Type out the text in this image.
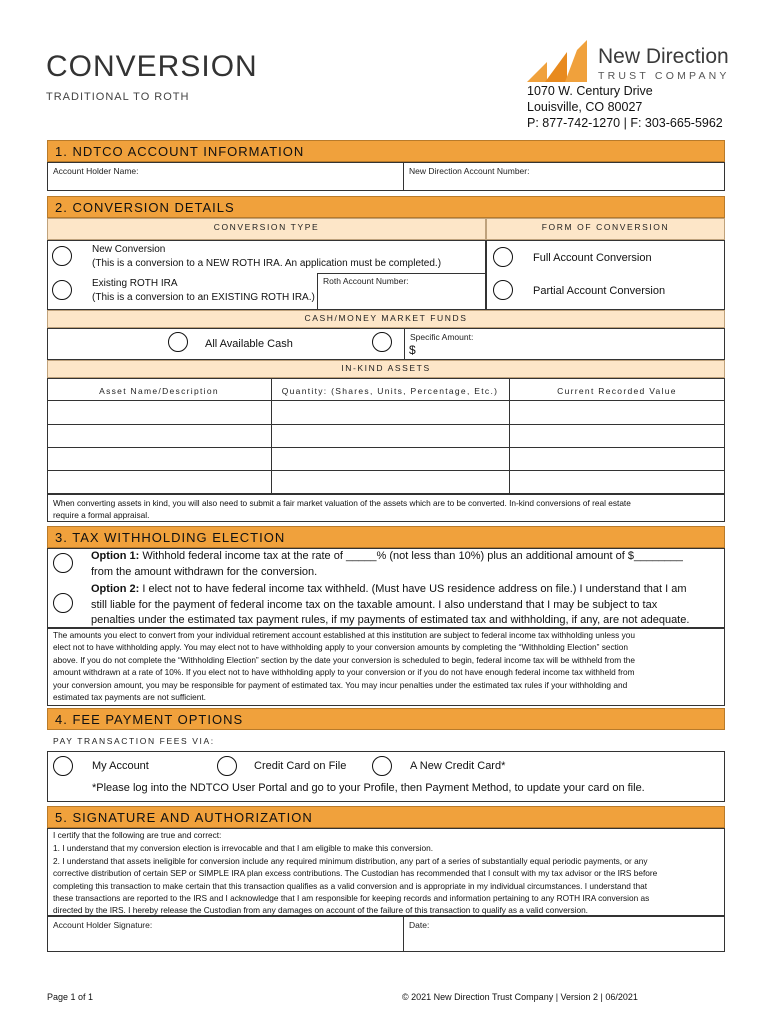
CONVERSION
TRADITIONAL TO ROTH
New Direction
TRUST COMPANY
1070 W. Century Drive
Louisville, CO 80027
P: 877-742-1270 | F: 303-665-5962
1. NDTCO ACCOUNT INFORMATION
Account Holder Name:	New Direction Account Number:
2. CONVERSION DETAILS
CONVERSION TYPE	FORM OF CONVERSION
New Conversion
(This is a conversion to a NEW ROTH IRA. An application must be completed.)
Existing ROTH IRA
(This is a conversion to an EXISTING ROTH IRA.)
Roth Account Number:
Full Account Conversion
Partial Account Conversion
CASH/MONEY MARKET FUNDS
All Available Cash
Specific Amount:
$
IN-KIND ASSETS
Asset Name/Description	Quantity: (Shares, Units, Percentage, Etc.)	Current Recorded Value
When converting assets in kind, you will also need to submit a fair market valuation of the assets which are to be converted. In-kind conversions of real estate
require a formal appraisal.
3. TAX WITHHOLDING ELECTION
Option 1: Withhold federal income tax at the rate of _____% (not less than 10%) plus an additional amount of $________
from the amount withdrawn for the conversion.
Option 2: I elect not to have federal income tax withheld. (Must have US residence address on file.) I understand that I am
still liable for the payment of federal income tax on the taxable amount. I also understand that I may be subject to tax
penalties under the estimated tax payment rules, if my payments of estimated tax and withholding, if any, are not adequate.
The amounts you elect to convert from your individual retirement account established at this institution are subject to federal income tax withholding unless you
elect not to have withholding apply. You may elect not to have withholding apply to your conversion amounts by completing the “Withholding Election” section
above. If you do not complete the “Withholding Election” section by the date your conversion is scheduled to begin, federal income tax will be withheld from the
amount withdrawn at a rate of 10%. If you elect not to have withholding apply to your conversion or if you do not have enough federal income tax withheld from
your conversion amount, you may be responsible for payment of estimated tax. You may incur penalties under the estimated tax rules if your withholding and
estimated tax payments are not sufficient.
4. FEE PAYMENT OPTIONS
PAY TRANSACTION FEES VIA:
My Account	Credit Card on File	A New Credit Card*
*Please log into the NDTCO User Portal and go to your Profile, then Payment Method, to update your card on file.
5. SIGNATURE AND AUTHORIZATION
I certify that the following are true and correct:
1. I understand that my conversion election is irrevocable and that I am eligible to make this conversion.
2. I understand that assets ineligible for conversion include any required minimum distribution, any part of a series of substantially equal periodic payments, or any
corrective distribution of certain SEP or SIMPLE IRA plan excess contributions. The Custodian has recommended that I consult with my tax advisor or the IRS before
completing this transaction to make certain that this transaction qualifies as a valid conversion and is appropriate in my individual circumstances. I understand that
these transactions are reported to the IRS and I acknowledge that I am responsible for keeping records and information pertaining to any ROTH IRA conversion as
directed by the IRS. I hereby release the Custodian from any damages on account of the failure of this transaction to qualify as a valid conversion.
Account Holder Signature:	Date:
Page 1 of 1	© 2021 New Direction Trust Company | Version 2 | 06/2021
